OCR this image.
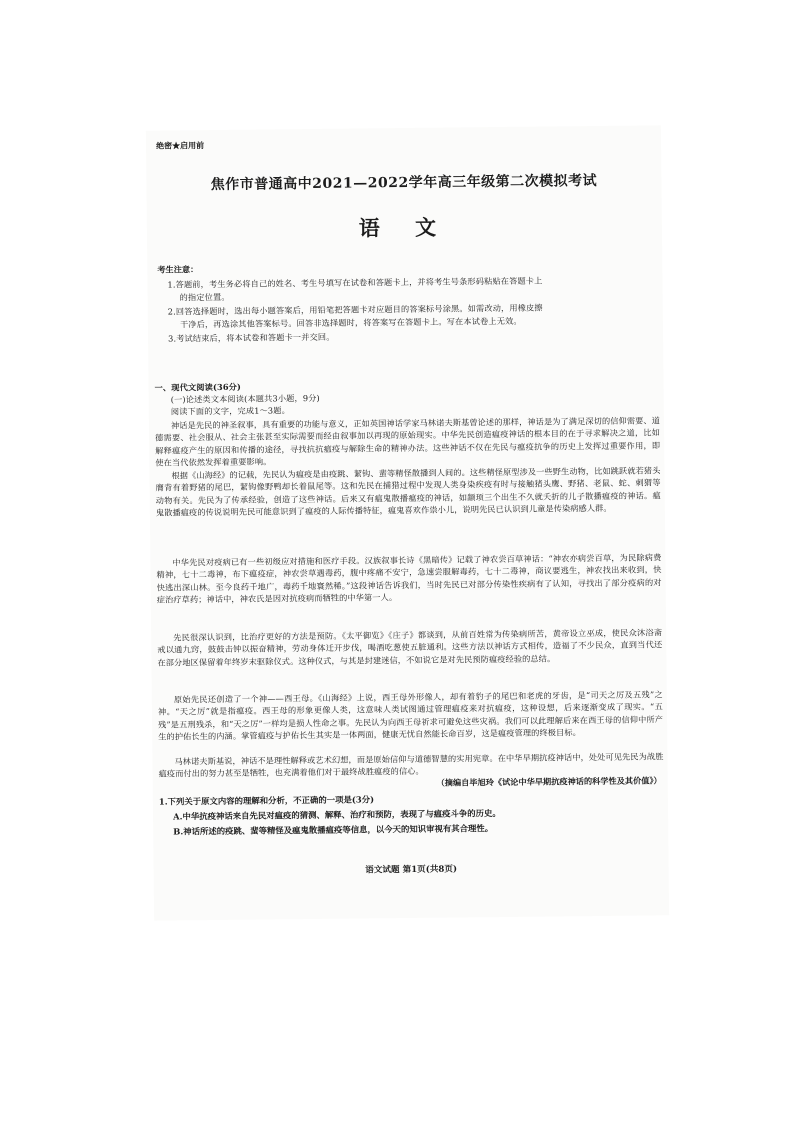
绝密★启用前
焦作市普通高中2021—2022学年高三年级第二次模拟考试
语 文
考生注意：
1.答题前，考生务必将自己的姓名、考生号填写在试卷和答题卡上，并将考生号条形码粘贴在答题卡上
的指定位置。
2.回答选择题时，选出每小题答案后，用铅笔把答题卡对应题目的答案标号涂黑。如需改动，用橡皮擦
干净后，再选涂其他答案标号。回答非选择题时，将答案写在答题卡上。写在本试卷上无效。
3.考试结束后，将本试卷和答题卡一并交回。
一、现代文阅读(36分)
(一)论述类文本阅读(本题共3小题，9分)
阅读下面的文字，完成1～3题。
神话是先民的神圣叙事，具有重要的功能与意义，正如英国神话学家马林诺夫斯基曾论述的那样，神话是为了满足深切的信仰需要、道德需要、社会服从、社会主张甚至实际需要而经由叙事加以再现的原始现实。中华先民创造瘟疫神话的根本目的在于寻求解决之道，比如解释瘟疫产生的原因和传播的途径，寻找抗抗瘟疫与解除生命的精神办法。这些神话不仅在先民与瘟疫抗争的历史上发挥过重要作用，即使在当代依然发挥着重要影响。
根据《山海经》的记载，先民认为瘟疫是由疫跳、絜钩、蜚等精怪散播到人间的。这些精怪原型涉及一些野生动物，比如跳跃就若猪头膺背有着野猪的尾巴，絜钩像野鸭却长着鼠尾等。这和先民在捕猎过程中发现人类身染疾疫有时与接触猪头鹰、野猪、老鼠、蛇、刺猬等动物有关。先民为了传承经验，创造了这些神话。后来又有瘟鬼散播瘟疫的神话，如颛顼三个出生不久就夭折的儿子散播瘟疫的神话。瘟鬼散播瘟疫的传说说明先民可能意识到了瘟疫的人际传播特征，瘟鬼喜欢作祟小儿，说明先民已认识到儿童是传染病感人群。
中华先民对疫病已有一些初级应对措施和医疗手段。汉族叙事长诗《黑暗传》记载了神农尝百草神话：“神农亦病尝百草，为民除病费精神，七十二毒神，布下瘟疫症，神农尝草遇毒药，腹中疼痛不安宁，急速尝服解毒药，七十二毒神，商议要逃生，神农找出来收到，快快逃出深山林。至今良药千地广，毒药千地寰然稀。”这段神话告诉我们，当时先民已对部分传染性疾病有了认知，寻找出了部分疫病的对症治疗草药；神话中，神农氏是因对抗疫病而牺牲的中华第一人。
先民很深认识到，比治疗更好的方法是预防。《太平御览》《庄子》都谈到，从前百姓常为传染病所苦，黄帝设立巫成，使民众沐浴斋戒以通九窍，鼓鼓击钟以振奋精神，劳动身体迁开步伐，喝酒吃葱使五脏通利。这些方法以神话方式相传，造福了不少民众，直到当代还在部分地区保留着年终岁末驱除仪式。这种仪式，与其是封建迷信，不如说它是对先民预防瘟疫经验的总结。
原始先民还创造了一个神——西王母。《山海经》上说，西王母外形像人，却有着豹子的尾巴和老虎的牙齿，是“司天之厉及五残”之神。“天之厉”就是指瘟疫。西王母的形象更像人类，这意味人类试图通过管理瘟疫来对抗瘟疫，这种设想，后来逐渐变成了现实。“五残”是五刑残杀，和“天之厉”一样均是损人性命之事。先民认为向西王母祈求可避免这些灾祸。我们可以此理解后来在西王母的信仰中所产生的护佑长生的内涵。掌管瘟疫与护佑长生其实是一体两面，健康无忧自然能长命百岁，这是瘟疫管理的终极目标。
马林诺夫斯基说，神话不是理性解释或艺术幻想，而是原始信仰与道德智慧的实用宪章。在中华早期抗疫神话中，处处可见先民为战胜瘟疫而付出的努力甚至是牺牲，也充满着他们对于最终战胜瘟疫的信心。
（摘编自毕旭玲《试论中华早期抗疫神话的科学性及其价值》）
1.下列关于原文内容的理解和分析，不正确的一项是(3分)
A.中华抗疫神话来自先民对瘟疫的猜测、解释、治疗和预防，表现了与瘟疫斗争的历史。
B.神话所述的疫跳、蜚等精怪及瘟鬼散播瘟疫等信息，以今天的知识审视有其合理性。
语文试题 第1页(共8页)
